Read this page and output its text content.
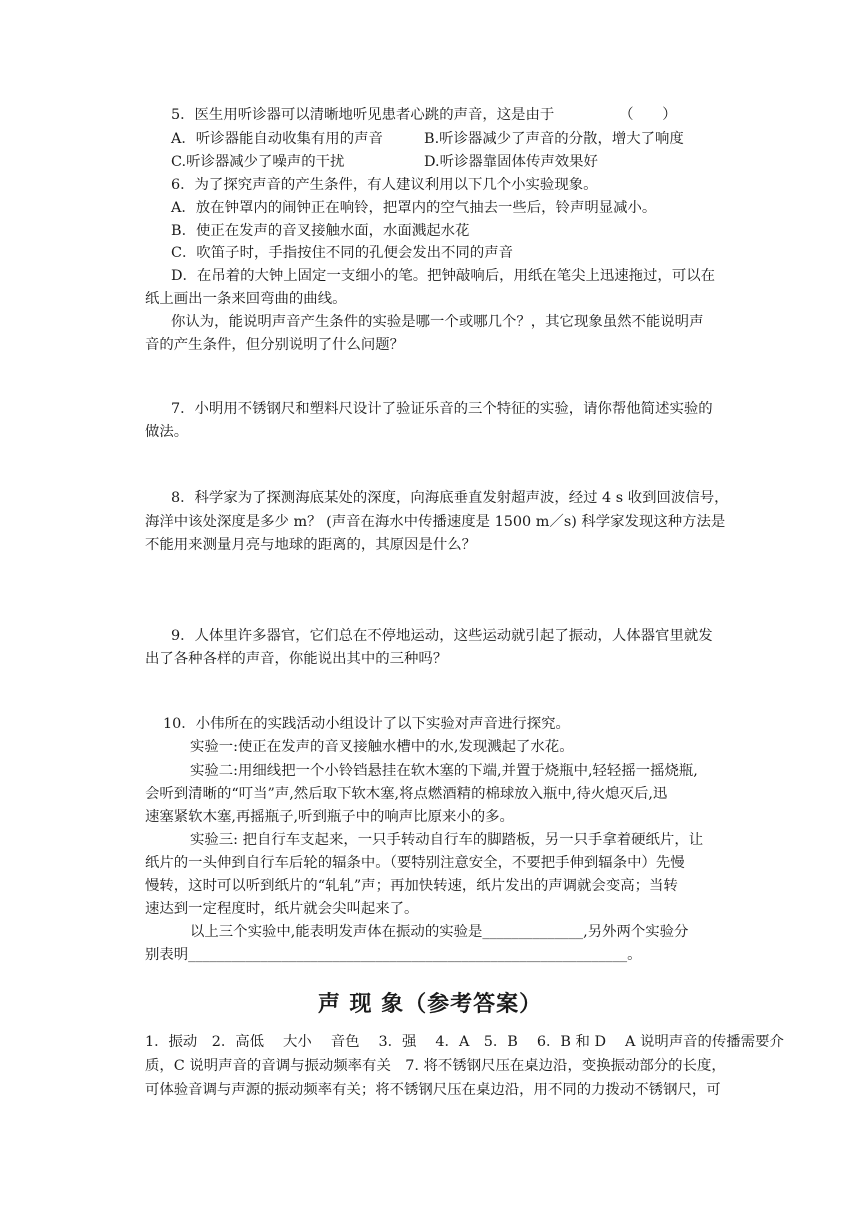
5．医生用听诊器可以清晰地听见患者心跳的声音，这是由于　　　　　（　　）
A．听诊器能自动收集有用的声音	B.听诊器减少了声音的分散，增大了响度
C.听诊器减少了噪声的干扰	D.听诊器靠固体传声效果好
6．为了探究声音的产生条件，有人建议利用以下几个小实验现象。
A．放在钟罩内的闹钟正在响铃，把罩内的空气抽去一些后，铃声明显减小。
B．使正在发声的音叉接触水面，水面溅起水花
C．吹笛子时，手指按住不同的孔便会发出不同的声音
D．在吊着的大钟上固定一支细小的笔。把钟敲响后，用纸在笔尖上迅速拖过，可以在
纸上画出一条来回弯曲的曲线。
你认为，能说明声音产生条件的实验是哪一个或哪几个？，其它现象虽然不能说明声
音的产生条件，但分别说明了什么问题？
7．小明用不锈钢尺和塑料尺设计了验证乐音的三个特征的实验，请你帮他简述实验的
做法。
8．科学家为了探测海底某处的深度，向海底垂直发射超声波，经过 4 s 收到回波信号，
海洋中该处深度是多少 m？ (声音在海水中传播速度是 1500 m／s) 科学家发现这种方法是
不能用来测量月亮与地球的距离的，其原因是什么？
9．人体里许多器官，它们总在不停地运动，这些运动就引起了振动，人体器官里就发
出了各种各样的声音，你能说出其中的三种吗？
10．小伟所在的实践活动小组设计了以下实验对声音进行探究。
实验一:使正在发声的音叉接触水槽中的水,发现溅起了水花。
实验二:用细线把一个小铃铛悬挂在软木塞的下端,并置于烧瓶中,轻轻摇一摇烧瓶,
会听到清晰的“叮当”声,然后取下软木塞,将点燃酒精的棉球放入瓶中,待火熄灭后,迅
速塞紧软木塞,再摇瓶子,听到瓶子中的响声比原来小的多。
实验三: 把自行车支起来，一只手转动自行车的脚踏板，另一只手拿着硬纸片，让
纸片的一头伸到自行车后轮的辐条中。（要特别注意安全，不要把手伸到辐条中）先慢
慢转，这时可以听到纸片的“轧轧”声；再加快转速，纸片发出的声调就会变高；当转
速达到一定程度时，纸片就会尖叫起来了。
以上三个实验中,能表明发声体在振动的实验是______________,另外两个实验分
别表明_____________________________________________________________。
声 现 象（参考答案）
1．振动　2．高低　 大小　 音色　 3．强　 4．A　5．B　 6．B 和 D　 A 说明声音的传播需要介
质，C 说明声音的音调与振动频率有关　7. 将不锈钢尺压在桌边沿，变换振动部分的长度，
可体验音调与声源的振动频率有关；将不锈钢尺压在桌边沿，用不同的力拨动不锈钢尺，可
